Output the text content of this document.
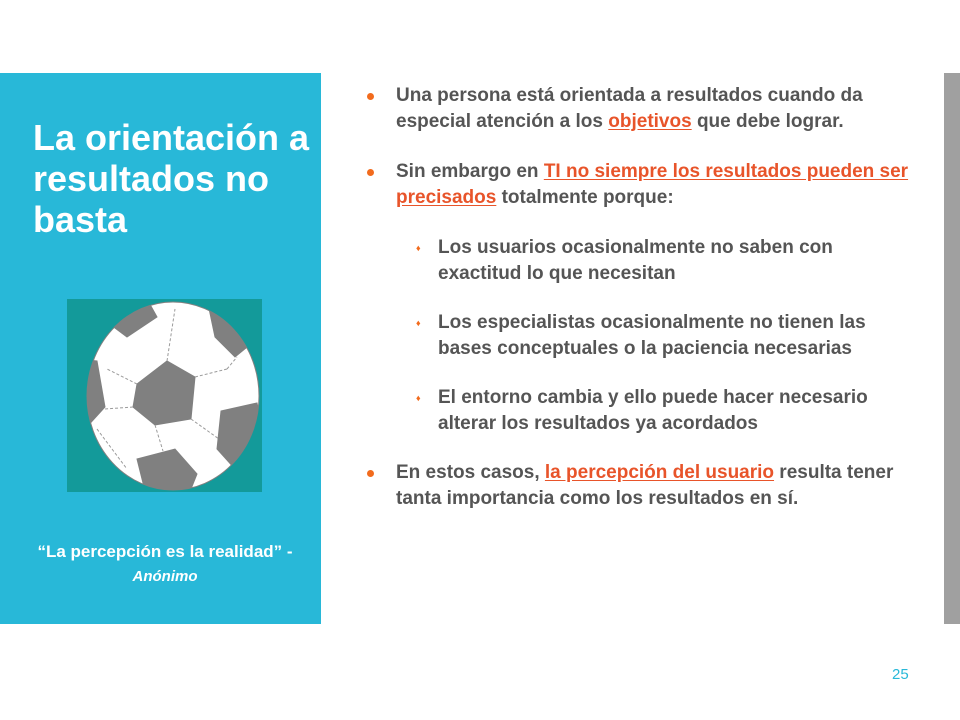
La orientación a resultados no basta
“La percepción es la realidad” - Anónimo
Una persona está orientada a resultados cuando da especial atención a los objetivos que debe lograr.
Sin embargo en TI no siempre los resultados pueden ser precisados totalmente porque:
♦ Los usuarios ocasionalmente no saben con exactitud lo que necesitan
♦ Los especialistas ocasionalmente no tienen las bases conceptuales o la paciencia necesarias
♦ El entorno cambia y ello puede hacer necesario alterar los resultados ya acordados
En estos casos, la percepción del usuario resulta tener tanta importancia como los resultados en sí.
25
